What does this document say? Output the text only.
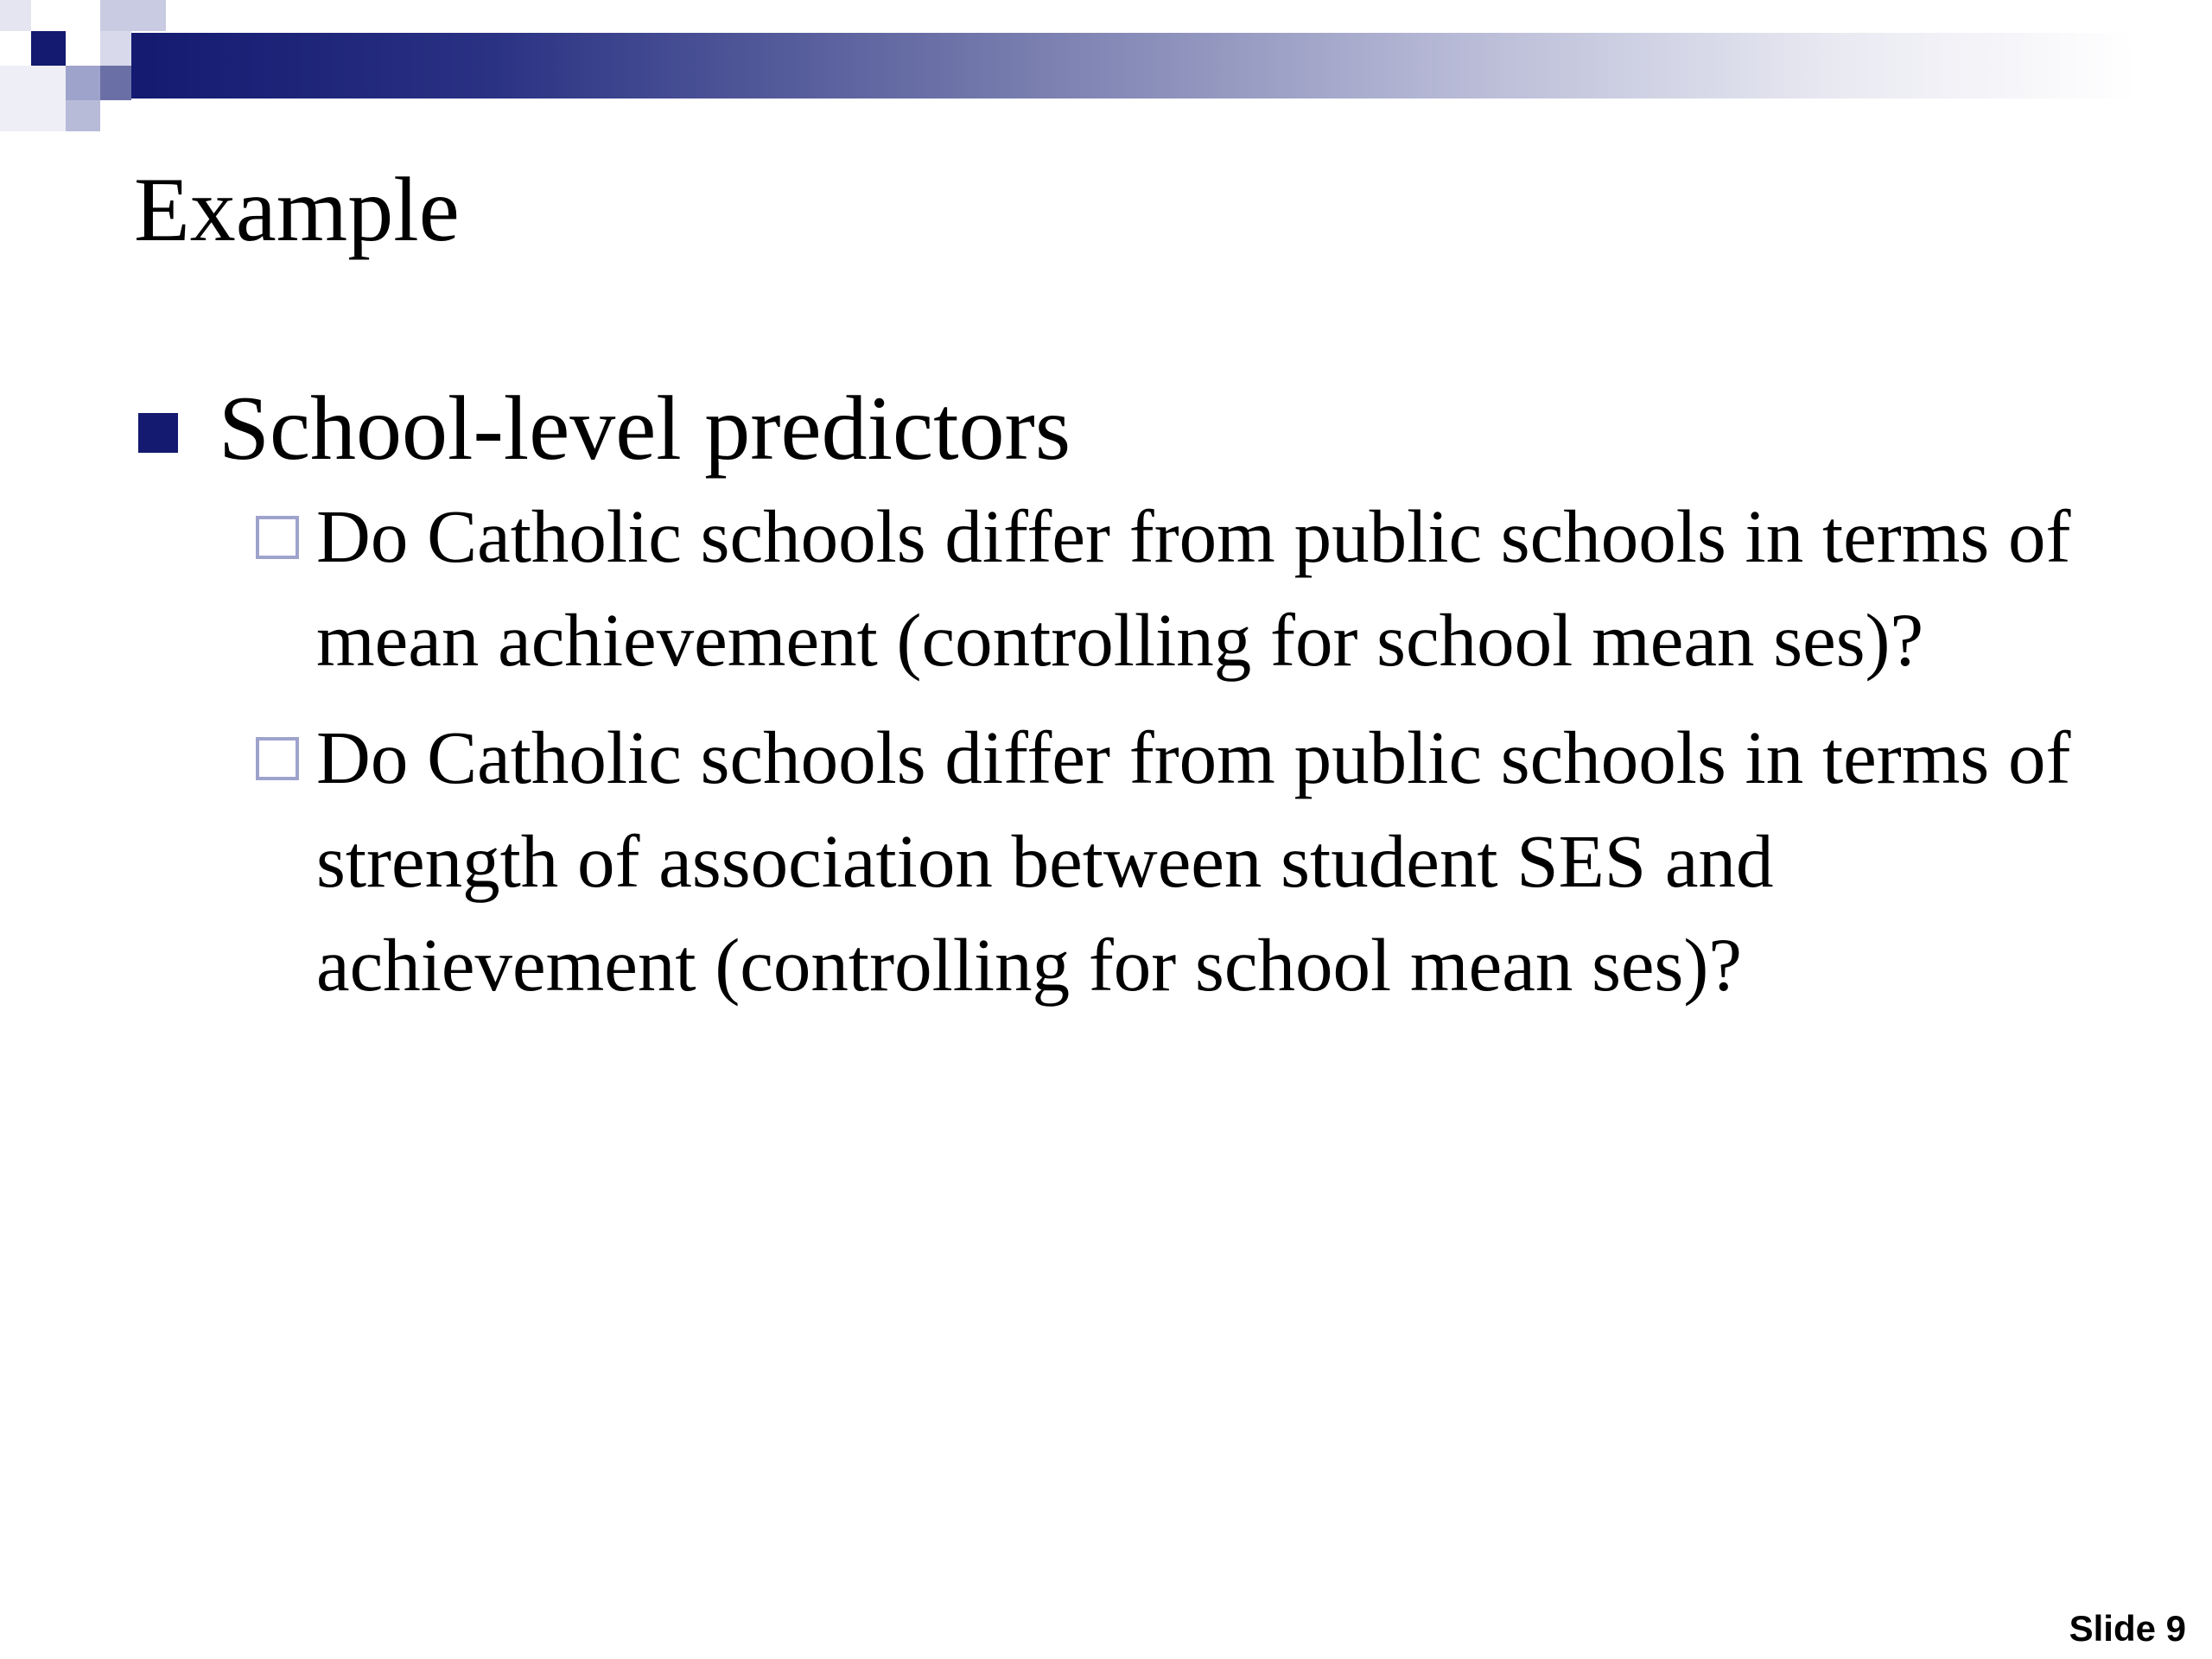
Example
School-level predictors
Do Catholic schools differ from public schools in terms of mean achievement (controlling for school mean ses)?
Do Catholic schools differ from public schools in terms of strength of association between student SES and achievement (controlling for school mean ses)?
Slide 9
